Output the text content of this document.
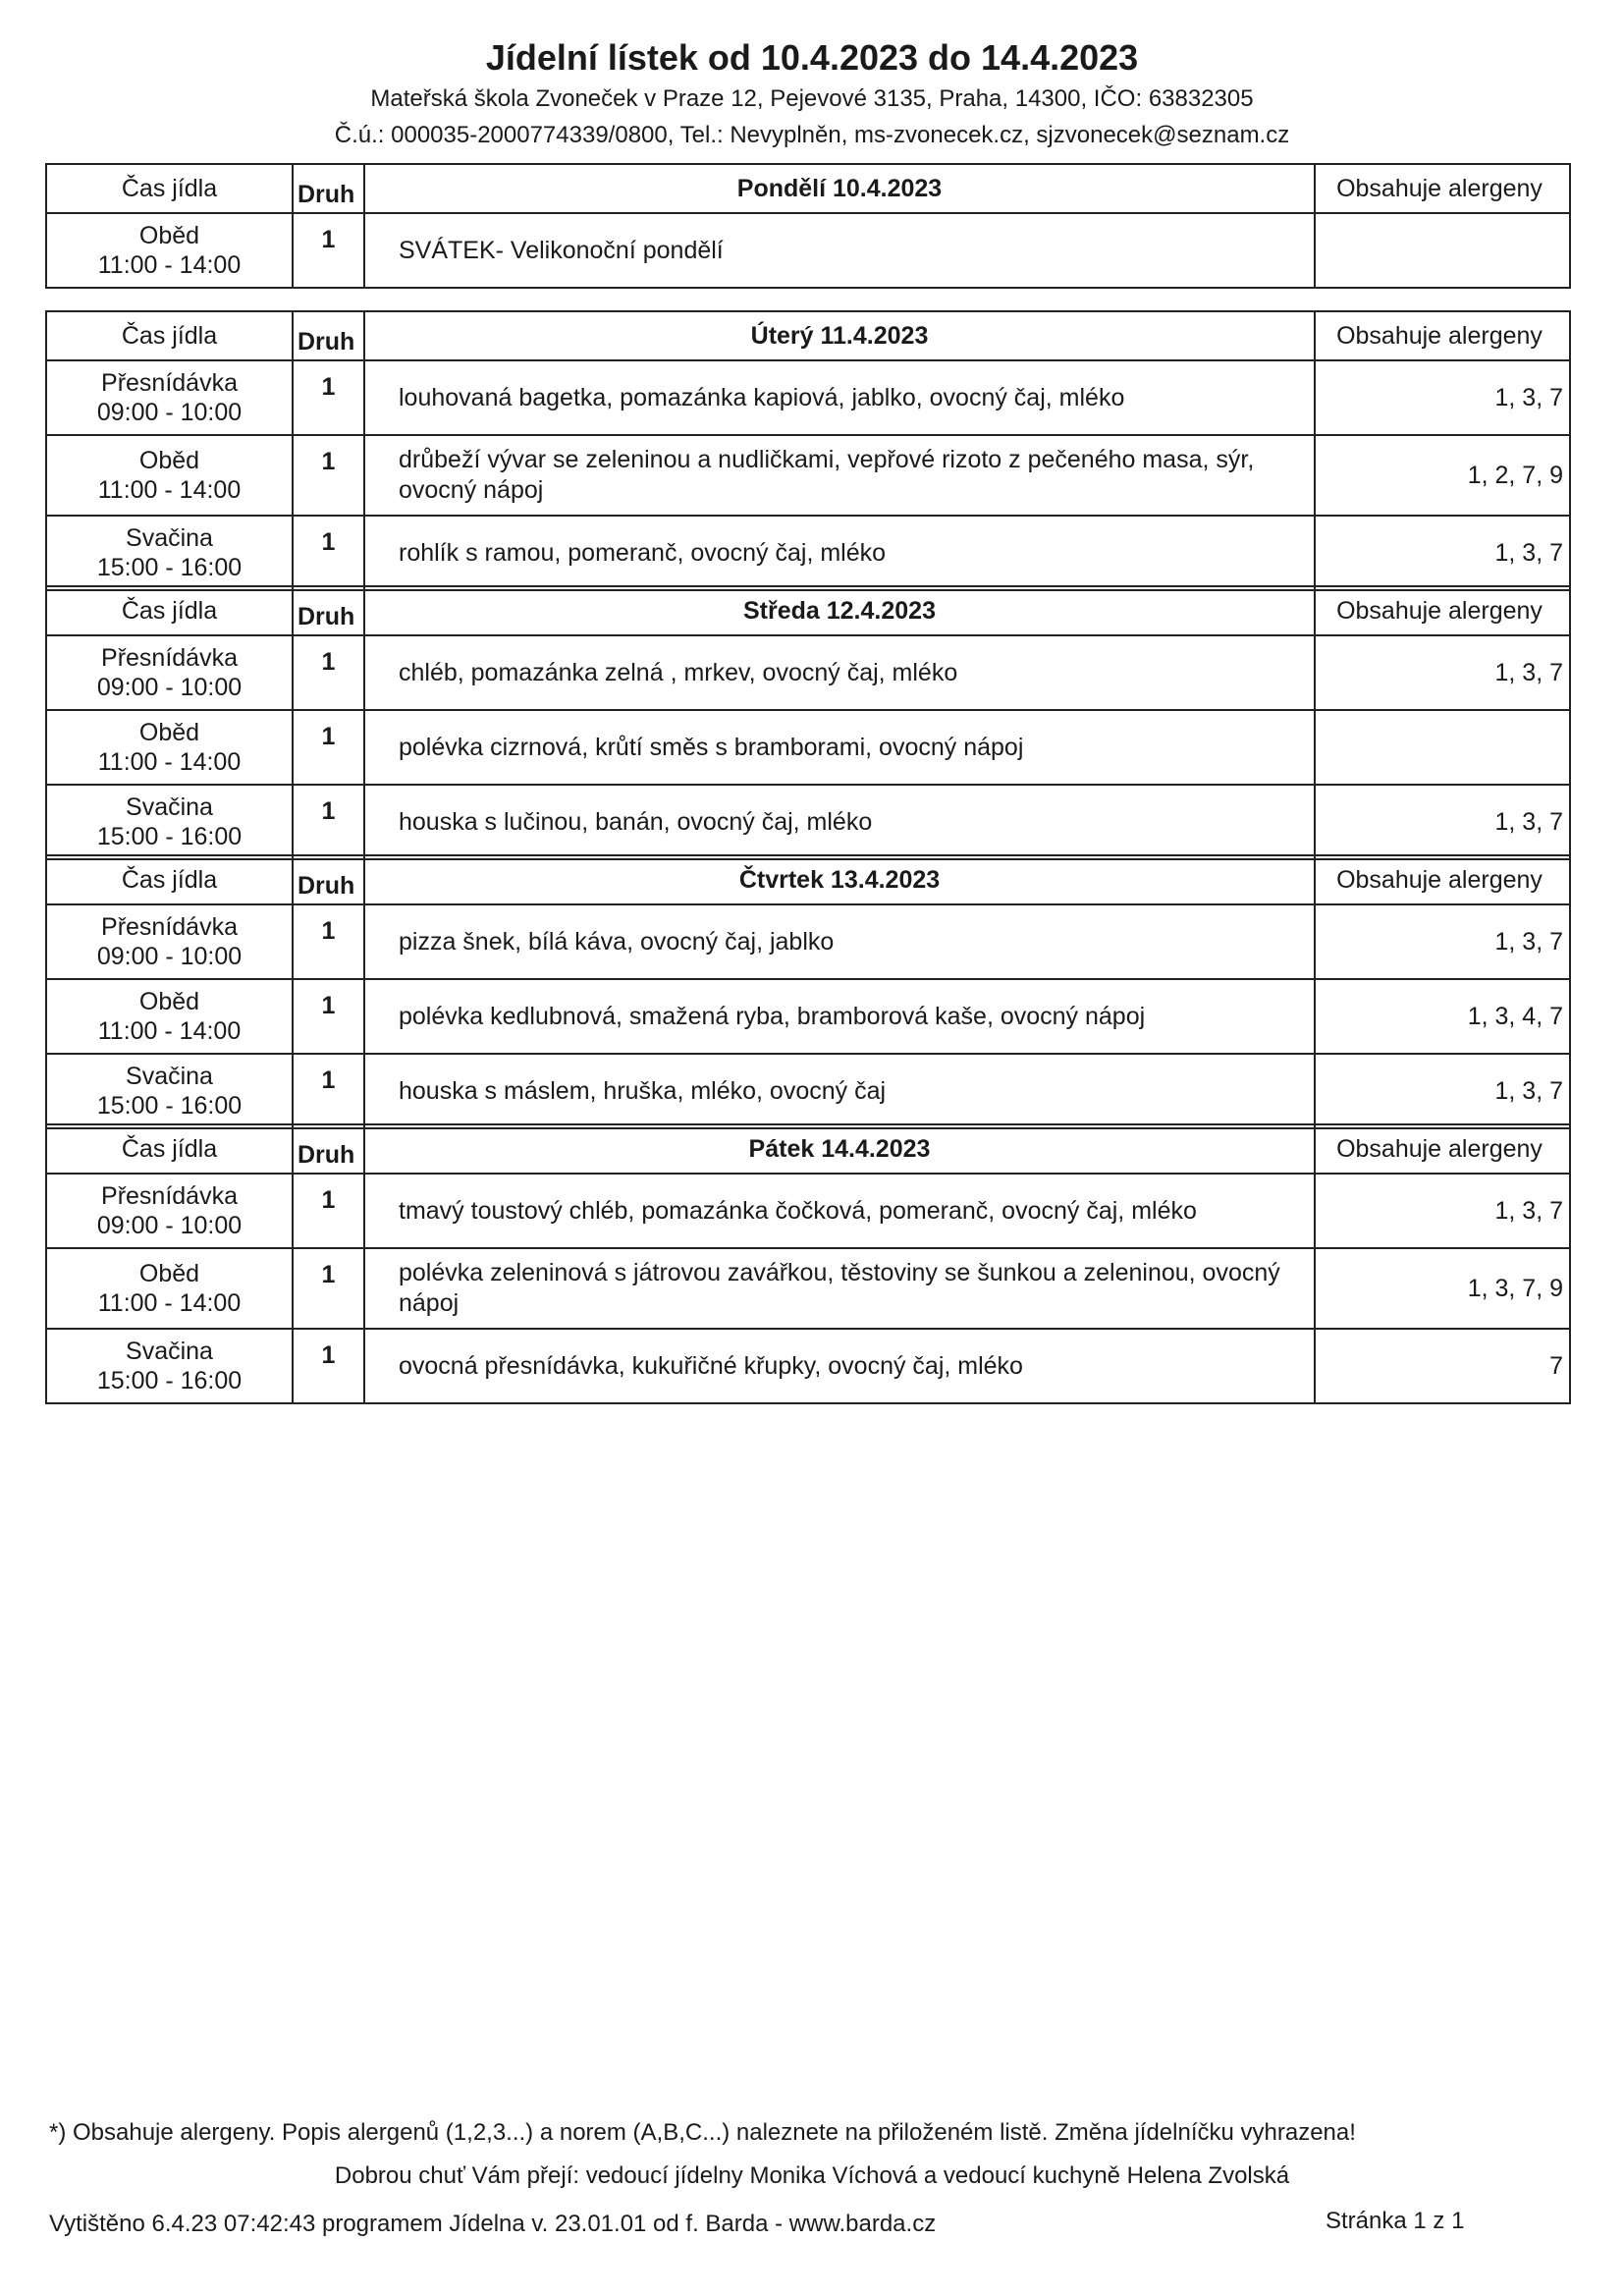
Jídelní lístek od 10.4.2023 do 14.4.2023

Mateřská škola Zvoneček v Praze 12, Pejevové 3135, Praha, 14300, IČO: 63832305

Č.ú.: 000035-2000774339/0800, Tel.: Nevyplněn, ms-zvonecek.cz, sjzvonecek@seznam.cz

Čas jídla	Druh	Pondělí 10.4.2023	Obsahuje alergeny

Oběd
11:00 - 14:00	1	SVÁTEK- Velikonoční pondělí	
Čas jídla	Druh	Úterý 11.4.2023	Obsahuje alergeny

Přesnídávka
09:00 - 10:00	1	louhovaná bagetka, pomazánka kapiová, jablko, ovocný čaj, mléko	1, 3, 7

Oběd
11:00 - 14:00	1	drůbeží vývar se zeleninou a nudličkami, vepřové rizoto z pečeného masa, sýr, ovocný nápoj	1, 2, 7, 9

Svačina
15:00 - 16:00	1	rohlík s ramou, pomeranč, ovocný čaj, mléko	1, 3, 7
Čas jídla	Druh	Středa 12.4.2023	Obsahuje alergeny

Přesnídávka
09:00 - 10:00	1	chléb, pomazánka zelná , mrkev, ovocný čaj, mléko	1, 3, 7

Oběd
11:00 - 14:00	1	polévka cizrnová, krůtí směs s bramborami, ovocný nápoj	

Svačina
15:00 - 16:00	1	houska s lučinou, banán, ovocný čaj, mléko	1, 3, 7
Čas jídla	Druh	Čtvrtek 13.4.2023	Obsahuje alergeny

Přesnídávka
09:00 - 10:00	1	pizza šnek, bílá káva, ovocný čaj, jablko	1, 3, 7

Oběd
11:00 - 14:00	1	polévka kedlubnová, smažená ryba, bramborová kaše, ovocný nápoj	1, 3, 4, 7

Svačina
15:00 - 16:00	1	houska s máslem, hruška, mléko, ovocný čaj	1, 3, 7
Čas jídla	Druh	Pátek 14.4.2023	Obsahuje alergeny

Přesnídávka
09:00 - 10:00	1	tmavý toustový chléb, pomazánka čočková, pomeranč, ovocný čaj, mléko	1, 3, 7

Oběd
11:00 - 14:00	1	polévka zeleninová s játrovou zavářkou, těstoviny se šunkou a zeleninou, ovocný nápoj	1, 3, 7, 9

Svačina
15:00 - 16:00	1	ovocná přesnídávka, kukuřičné křupky, ovocný čaj, mléko	7
*) Obsahuje alergeny. Popis alergenů (1,2,3...) a norem (A,B,C...) naleznete na přiloženém listě. Změna jídelníčku vyhrazena!
Dobrou chuť Vám přejí: vedoucí jídelny Monika Víchová a vedoucí kuchyně Helena Zvolská
Vytištěno 6.4.23 07:42:43 programem Jídelna v. 23.01.01 od f. Barda - www.barda.cz	Stránka 1 z 1
